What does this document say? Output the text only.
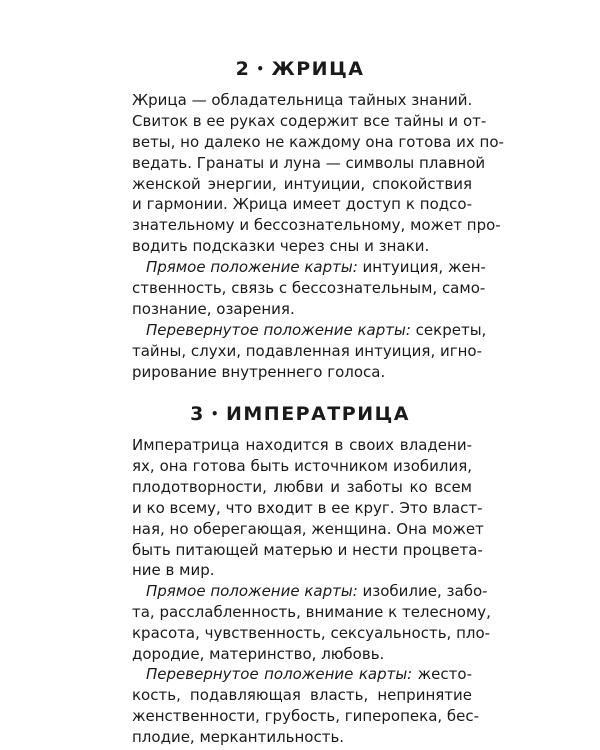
2 • ЖРИЦА
Жрица — обладательница тайных знаний.
Свиток в ее руках содержит все тайны и от-
веты, но далеко не каждому она готова их по-
ведать. Гранаты и луна — символы плавной
женской энергии, интуиции, спокойствия
и гармонии. Жрица имеет доступ к подсо-
знательному и бессознательному, может про-
водить подсказки через сны и знаки.
Прямое положение карты: интуиция, жен-
ственность, связь с бессознательным, само-
познание, озарения.
Перевернутое положение карты: секреты,
тайны, слухи, подавленная интуиция, игно-
рирование внутреннего голоса.
3 • ИМПЕРАТРИЦА
Императрица находится в своих владени-
ях, она готова быть источником изобилия,
плодотворности, любви и заботы ко всем
и ко всему, что входит в ее круг. Это власт-
ная, но оберегающая, женщина. Она может
быть питающей матерью и нести процвета-
ние в мир.
Прямое положение карты: изобилие, забо-
та, расслабленность, внимание к телесному,
красота, чувственность, сексуальность, пло-
дородие, материнство, любовь.
Перевернутое положение карты: жесто-
кость, подавляющая власть, непринятие
женственности, грубость, гиперопека, бес-
плодие, меркантильность.
